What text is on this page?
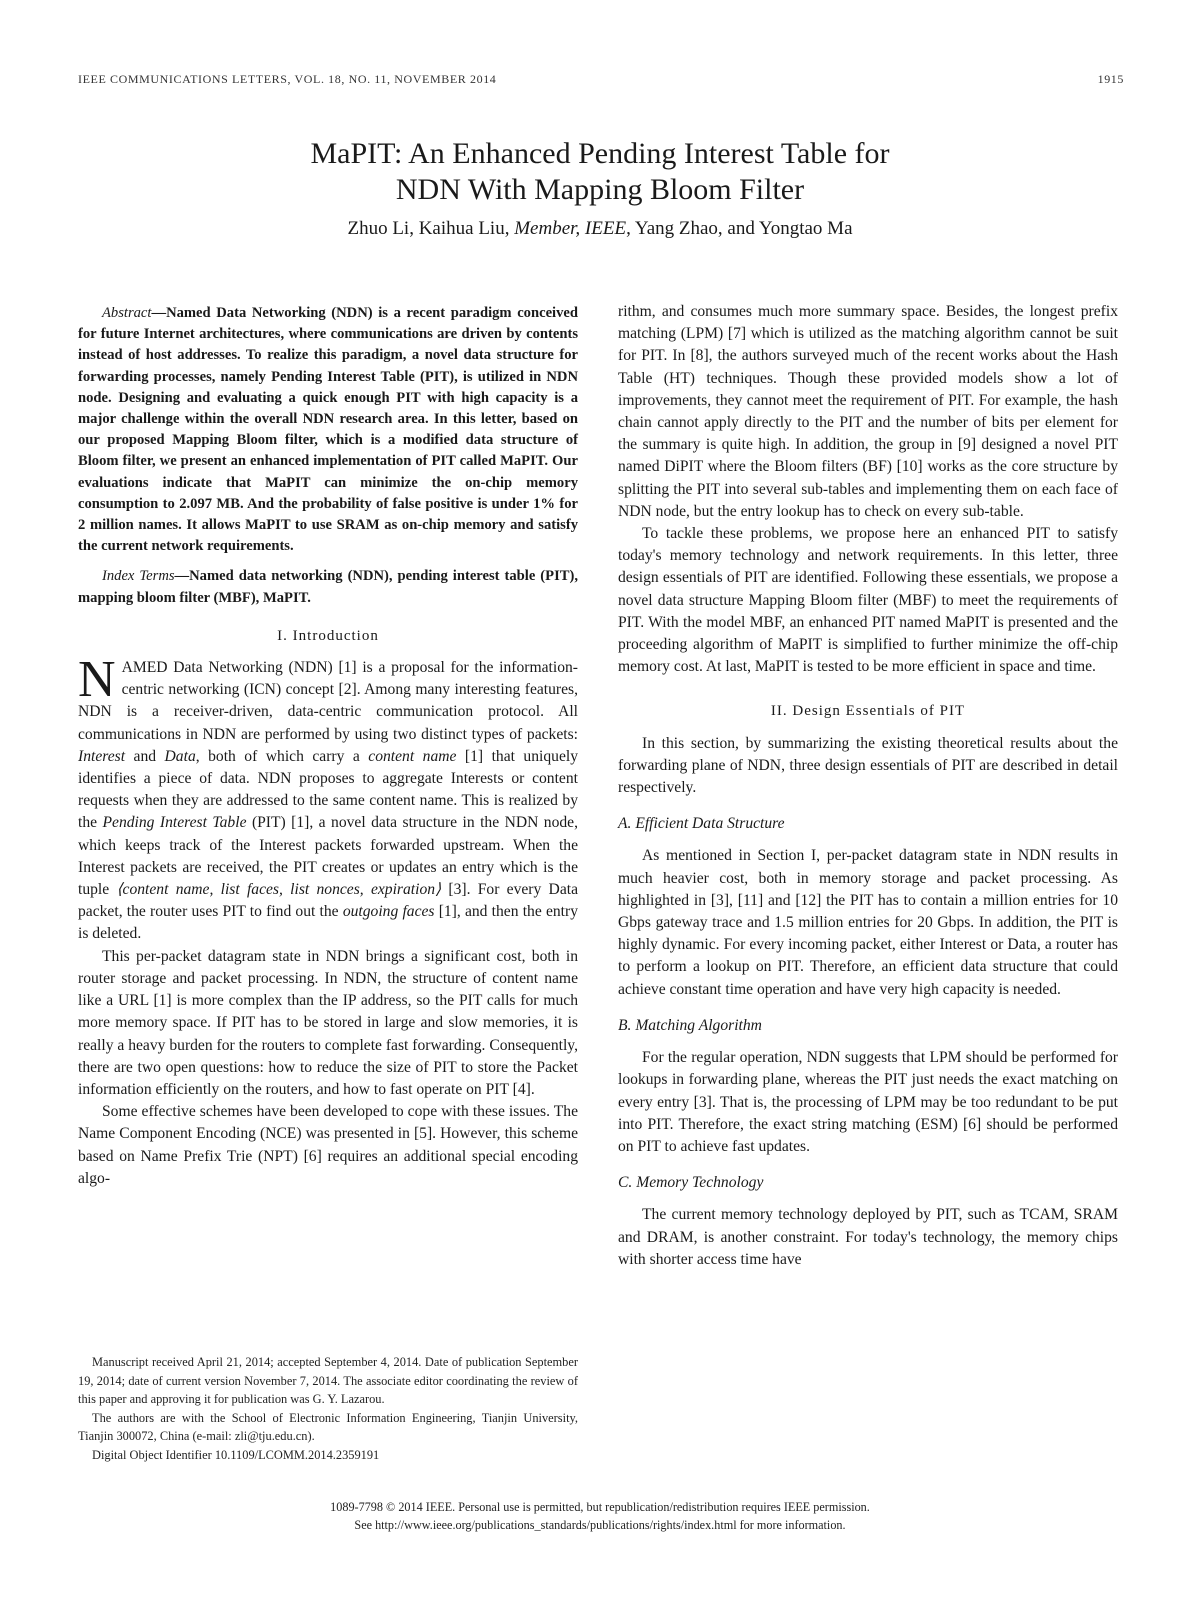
IEEE COMMUNICATIONS LETTERS, VOL. 18, NO. 11, NOVEMBER 2014	1915
MaPIT: An Enhanced Pending Interest Table for
NDN With Mapping Bloom Filter
Zhuo Li, Kaihua Liu, Member, IEEE, Yang Zhao, and Yongtao Ma

Abstract—Named Data Networking (NDN) is a recent paradigm conceived for future Internet architectures, where communications are driven by contents instead of host addresses. To realize this paradigm, a novel data structure for forwarding processes, namely Pending Interest Table (PIT), is utilized in NDN node. Designing and evaluating a quick enough PIT with high capacity is a major challenge within the overall NDN research area. In this letter, based on our proposed Mapping Bloom filter, which is a modified data structure of Bloom filter, we present an enhanced implementation of PIT called MaPIT. Our evaluations indicate that MaPIT can minimize the on-chip memory consumption to 2.097 MB. And the probability of false positive is under 1% for 2 million names. It allows MaPIT to use SRAM as on-chip memory and satisfy the current network requirements.

Index Terms—Named data networking (NDN), pending interest table (PIT), mapping bloom filter (MBF), MaPIT.

I. Introduction

NAMED Data Networking (NDN) [1] is a proposal for the information-centric networking (ICN) concept [2]. Among many interesting features, NDN is a receiver-driven, data-centric communication protocol. All communications in NDN are performed by using two distinct types of packets: Interest and Data, both of which carry a content name [1] that uniquely identifies a piece of data. NDN proposes to aggregate Interests or content requests when they are addressed to the same content name. This is realized by the Pending Interest Table (PIT) [1], a novel data structure in the NDN node, which keeps track of the Interest packets forwarded upstream. When the Interest packets are received, the PIT creates or updates an entry which is the tuple ⟨content name, list faces, list nonces, expiration⟩ [3]. For every Data packet, the router uses PIT to find out the outgoing faces [1], and then the entry is deleted.

This per-packet datagram state in NDN brings a significant cost, both in router storage and packet processing. In NDN, the structure of content name like a URL [1] is more complex than the IP address, so the PIT calls for much more memory space. If PIT has to be stored in large and slow memories, it is really a heavy burden for the routers to complete fast forwarding. Consequently, there are two open questions: how to reduce the size of PIT to store the Packet information efficiently on the routers, and how to fast operate on PIT [4].

Some effective schemes have been developed to cope with these issues. The Name Component Encoding (NCE) was presented in [5]. However, this scheme based on Name Prefix Trie (NPT) [6] requires an additional special encoding algo-

Manuscript received April 21, 2014; accepted September 4, 2014. Date of publication September 19, 2014; date of current version November 7, 2014. The associate editor coordinating the review of this paper and approving it for publication was G. Y. Lazarou.

The authors are with the School of Electronic Information Engineering, Tianjin University, Tianjin 300072, China (e-mail: zli@tju.edu.cn).

Digital Object Identifier 10.1109/LCOMM.2014.2359191

rithm, and consumes much more summary space. Besides, the longest prefix matching (LPM) [7] which is utilized as the matching algorithm cannot be suit for PIT. In [8], the authors surveyed much of the recent works about the Hash Table (HT) techniques. Though these provided models show a lot of improvements, they cannot meet the requirement of PIT. For example, the hash chain cannot apply directly to the PIT and the number of bits per element for the summary is quite high. In addition, the group in [9] designed a novel PIT named DiPIT where the Bloom filters (BF) [10] works as the core structure by splitting the PIT into several sub-tables and implementing them on each face of NDN node, but the entry lookup has to check on every sub-table.

To tackle these problems, we propose here an enhanced PIT to satisfy today's memory technology and network requirements. In this letter, three design essentials of PIT are identified. Following these essentials, we propose a novel data structure Mapping Bloom filter (MBF) to meet the requirements of PIT. With the model MBF, an enhanced PIT named MaPIT is presented and the proceeding algorithm of MaPIT is simplified to further minimize the off-chip memory cost. At last, MaPIT is tested to be more efficient in space and time.

II. Design Essentials of PIT

In this section, by summarizing the existing theoretical results about the forwarding plane of NDN, three design essentials of PIT are described in detail respectively.

A. Efficient Data Structure

As mentioned in Section I, per-packet datagram state in NDN results in much heavier cost, both in memory storage and packet processing. As highlighted in [3], [11] and [12] the PIT has to contain a million entries for 10 Gbps gateway trace and 1.5 million entries for 20 Gbps. In addition, the PIT is highly dynamic. For every incoming packet, either Interest or Data, a router has to perform a lookup on PIT. Therefore, an efficient data structure that could achieve constant time operation and have very high capacity is needed.

B. Matching Algorithm

For the regular operation, NDN suggests that LPM should be performed for lookups in forwarding plane, whereas the PIT just needs the exact matching on every entry [3]. That is, the processing of LPM may be too redundant to be put into PIT. Therefore, the exact string matching (ESM) [6] should be performed on PIT to achieve fast updates.

C. Memory Technology

The current memory technology deployed by PIT, such as TCAM, SRAM and DRAM, is another constraint. For today's technology, the memory chips with shorter access time have

1089-7798 © 2014 IEEE. Personal use is permitted, but republication/redistribution requires IEEE permission.
See http://www.ieee.org/publications_standards/publications/rights/index.html for more information.
